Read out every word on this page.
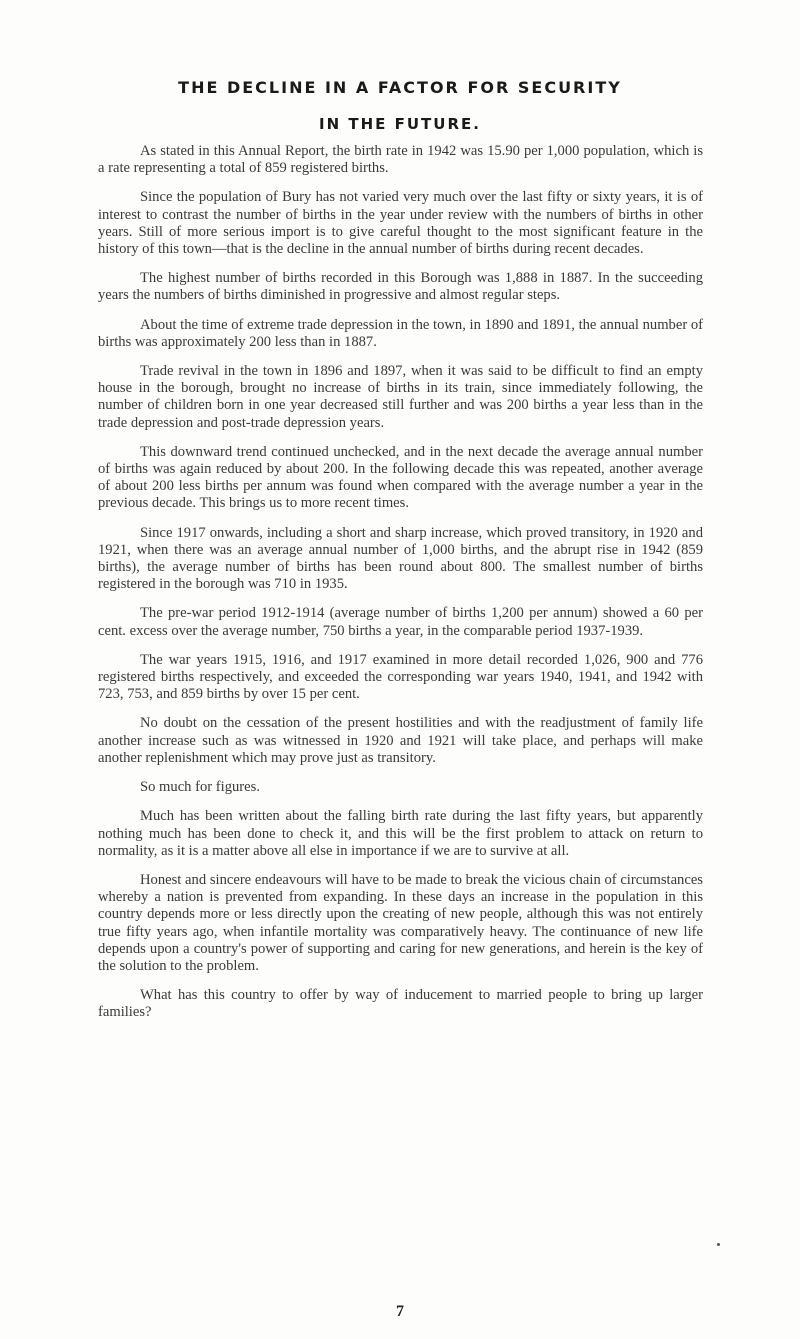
THE DECLINE IN A FACTOR FOR SECURITY
IN THE FUTURE.

As stated in this Annual Report, the birth rate in 1942 was 15.90 per 1,000 population, which is a rate representing a total of 859 registered births.

Since the population of Bury has not varied very much over the last fifty or sixty years, it is of interest to contrast the number of births in the year under review with the numbers of births in other years. Still of more serious import is to give careful thought to the most significant feature in the history of this town—that is the decline in the annual number of births during recent decades.

The highest number of births recorded in this Borough was 1,888 in 1887. In the succeeding years the numbers of births diminished in progressive and almost regular steps.

About the time of extreme trade depression in the town, in 1890 and 1891, the annual number of births was approximately 200 less than in 1887.

Trade revival in the town in 1896 and 1897, when it was said to be difficult to find an empty house in the borough, brought no increase of births in its train, since immediately following, the number of children born in one year decreased still further and was 200 births a year less than in the trade depression and post-trade depression years.

This downward trend continued unchecked, and in the next decade the average annual number of births was again reduced by about 200. In the following decade this was repeated, another average of about 200 less births per annum was found when compared with the average number a year in the previous decade. This brings us to more recent times.

Since 1917 onwards, including a short and sharp increase, which proved transitory, in 1920 and 1921, when there was an average annual number of 1,000 births, and the abrupt rise in 1942 (859 births), the average number of births has been round about 800. The smallest number of births registered in the borough was 710 in 1935.

The pre-war period 1912-1914 (average number of births 1,200 per annum) showed a 60 per cent. excess over the average number, 750 births a year, in the comparable period 1937-1939.

The war years 1915, 1916, and 1917 examined in more detail recorded 1,026, 900 and 776 registered births respectively, and exceeded the corresponding war years 1940, 1941, and 1942 with 723, 753, and 859 births by over 15 per cent.

No doubt on the cessation of the present hostilities and with the readjustment of family life another increase such as was witnessed in 1920 and 1921 will take place, and perhaps will make another replenishment which may prove just as transitory.

So much for figures.

Much has been written about the falling birth rate during the last fifty years, but apparently nothing much has been done to check it, and this will be the first problem to attack on return to normality, as it is a matter above all else in importance if we are to survive at all.

Honest and sincere endeavours will have to be made to break the vicious chain of circumstances whereby a nation is prevented from expanding. In these days an increase in the population in this country depends more or less directly upon the creating of new people, although this was not entirely true fifty years ago, when infantile mortality was comparatively heavy. The continuance of new life depends upon a country's power of supporting and caring for new generations, and herein is the key of the solution to the problem.

What has this country to offer by way of inducement to married people to bring up larger families?

7
